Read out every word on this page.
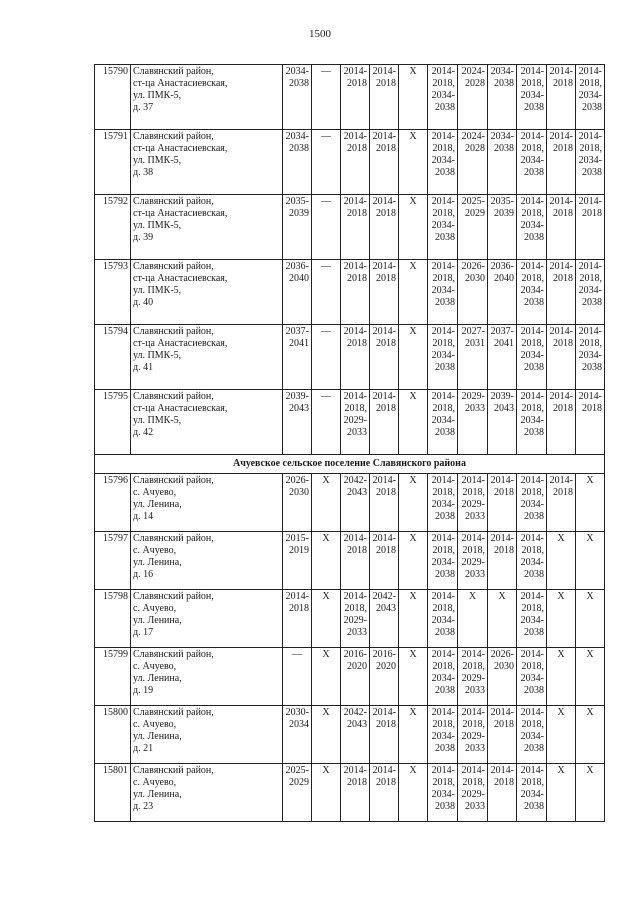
1500
15790	Славянский район,
ст-ца Анастасиевская,
ул. ПМК-5,
д. 37	2034-
2038	—	2014-
2018	2014-
2018	X	2014-
2018,
2034-
2038	2024-
2028	2034-
2038	2014-
2018,
2034-
2038	2014-
2018	2014-
2018,
2034-
2038
15791	Славянский район,
ст-ца Анастасиевская,
ул. ПМК-5,
д. 38	2034-
2038	—	2014-
2018	2014-
2018	X	2014-
2018,
2034-
2038	2024-
2028	2034-
2038	2014-
2018,
2034-
2038	2014-
2018	2014-
2018,
2034-
2038
15792	Славянский район,
ст-ца Анастасиевская,
ул. ПМК-5,
д. 39	2035-
2039	—	2014-
2018	2014-
2018	X	2014-
2018,
2034-
2038	2025-
2029	2035-
2039	2014-
2018,
2034-
2038	2014-
2018	2014-
2018
15793	Славянский район,
ст-ца Анастасиевская,
ул. ПМК-5,
д. 40	2036-
2040	—	2014-
2018	2014-
2018	X	2014-
2018,
2034-
2038	2026-
2030	2036-
2040	2014-
2018,
2034-
2038	2014-
2018	2014-
2018,
2034-
2038
15794	Славянский район,
ст-ца Анастасиевская,
ул. ПМК-5,
д. 41	2037-
2041	—	2014-
2018	2014-
2018	X	2014-
2018,
2034-
2038	2027-
2031	2037-
2041	2014-
2018,
2034-
2038	2014-
2018	2014-
2018,
2034-
2038
15795	Славянский район,
ст-ца Анастасиевская,
ул. ПМК-5,
д. 42	2039-
2043	—	2014-
2018,
2029-
2033	2014-
2018	X	2014-
2018,
2034-
2038	2029-
2033	2039-
2043	2014-
2018,
2034-
2038	2014-
2018	2014-
2018
Ачуевское сельское поселение Славянского района												
15796	Славянский район,
с. Ачуево,
ул. Ленина,
д. 14	2026-
2030	X	2042-
2043	2014-
2018	X	2014-
2018,
2034-
2038	2014-
2018,
2029-
2033	2014-
2018	2014-
2018,
2034-
2038	2014-
2018	X
15797	Славянский район,
с. Ачуево,
ул. Ленина,
д. 16	2015-
2019	X	2014-
2018	2014-
2018	X	2014-
2018,
2034-
2038	2014-
2018,
2029-
2033	2014-
2018	2014-
2018,
2034-
2038	X	X
15798	Славянский район,
с. Ачуево,
ул. Ленина,
д. 17	2014-
2018	X	2014-
2018,
2029-
2033	2042-
2043	X	2014-
2018,
2034-
2038	X	X	2014-
2018,
2034-
2038	X	X
15799	Славянский район,
с. Ачуево,
ул. Ленина,
д. 19	—	X	2016-
2020	2016-
2020	X	2014-
2018,
2034-
2038	2014-
2018,
2029-
2033	2026-
2030	2014-
2018,
2034-
2038	X	X
15800	Славянский район,
с. Ачуево,
ул. Ленина,
д. 21	2030-
2034	X	2042-
2043	2014-
2018	X	2014-
2018,
2034-
2038	2014-
2018,
2029-
2033	2014-
2018	2014-
2018,
2034-
2038	X	X
15801	Славянский район,
с. Ачуево,
ул. Ленина,
д. 23	2025-
2029	X	2014-
2018	2014-
2018	X	2014-
2018,
2034-
2038	2014-
2018,
2029-
2033	2014-
2018	2014-
2018,
2034-
2038	X	X
